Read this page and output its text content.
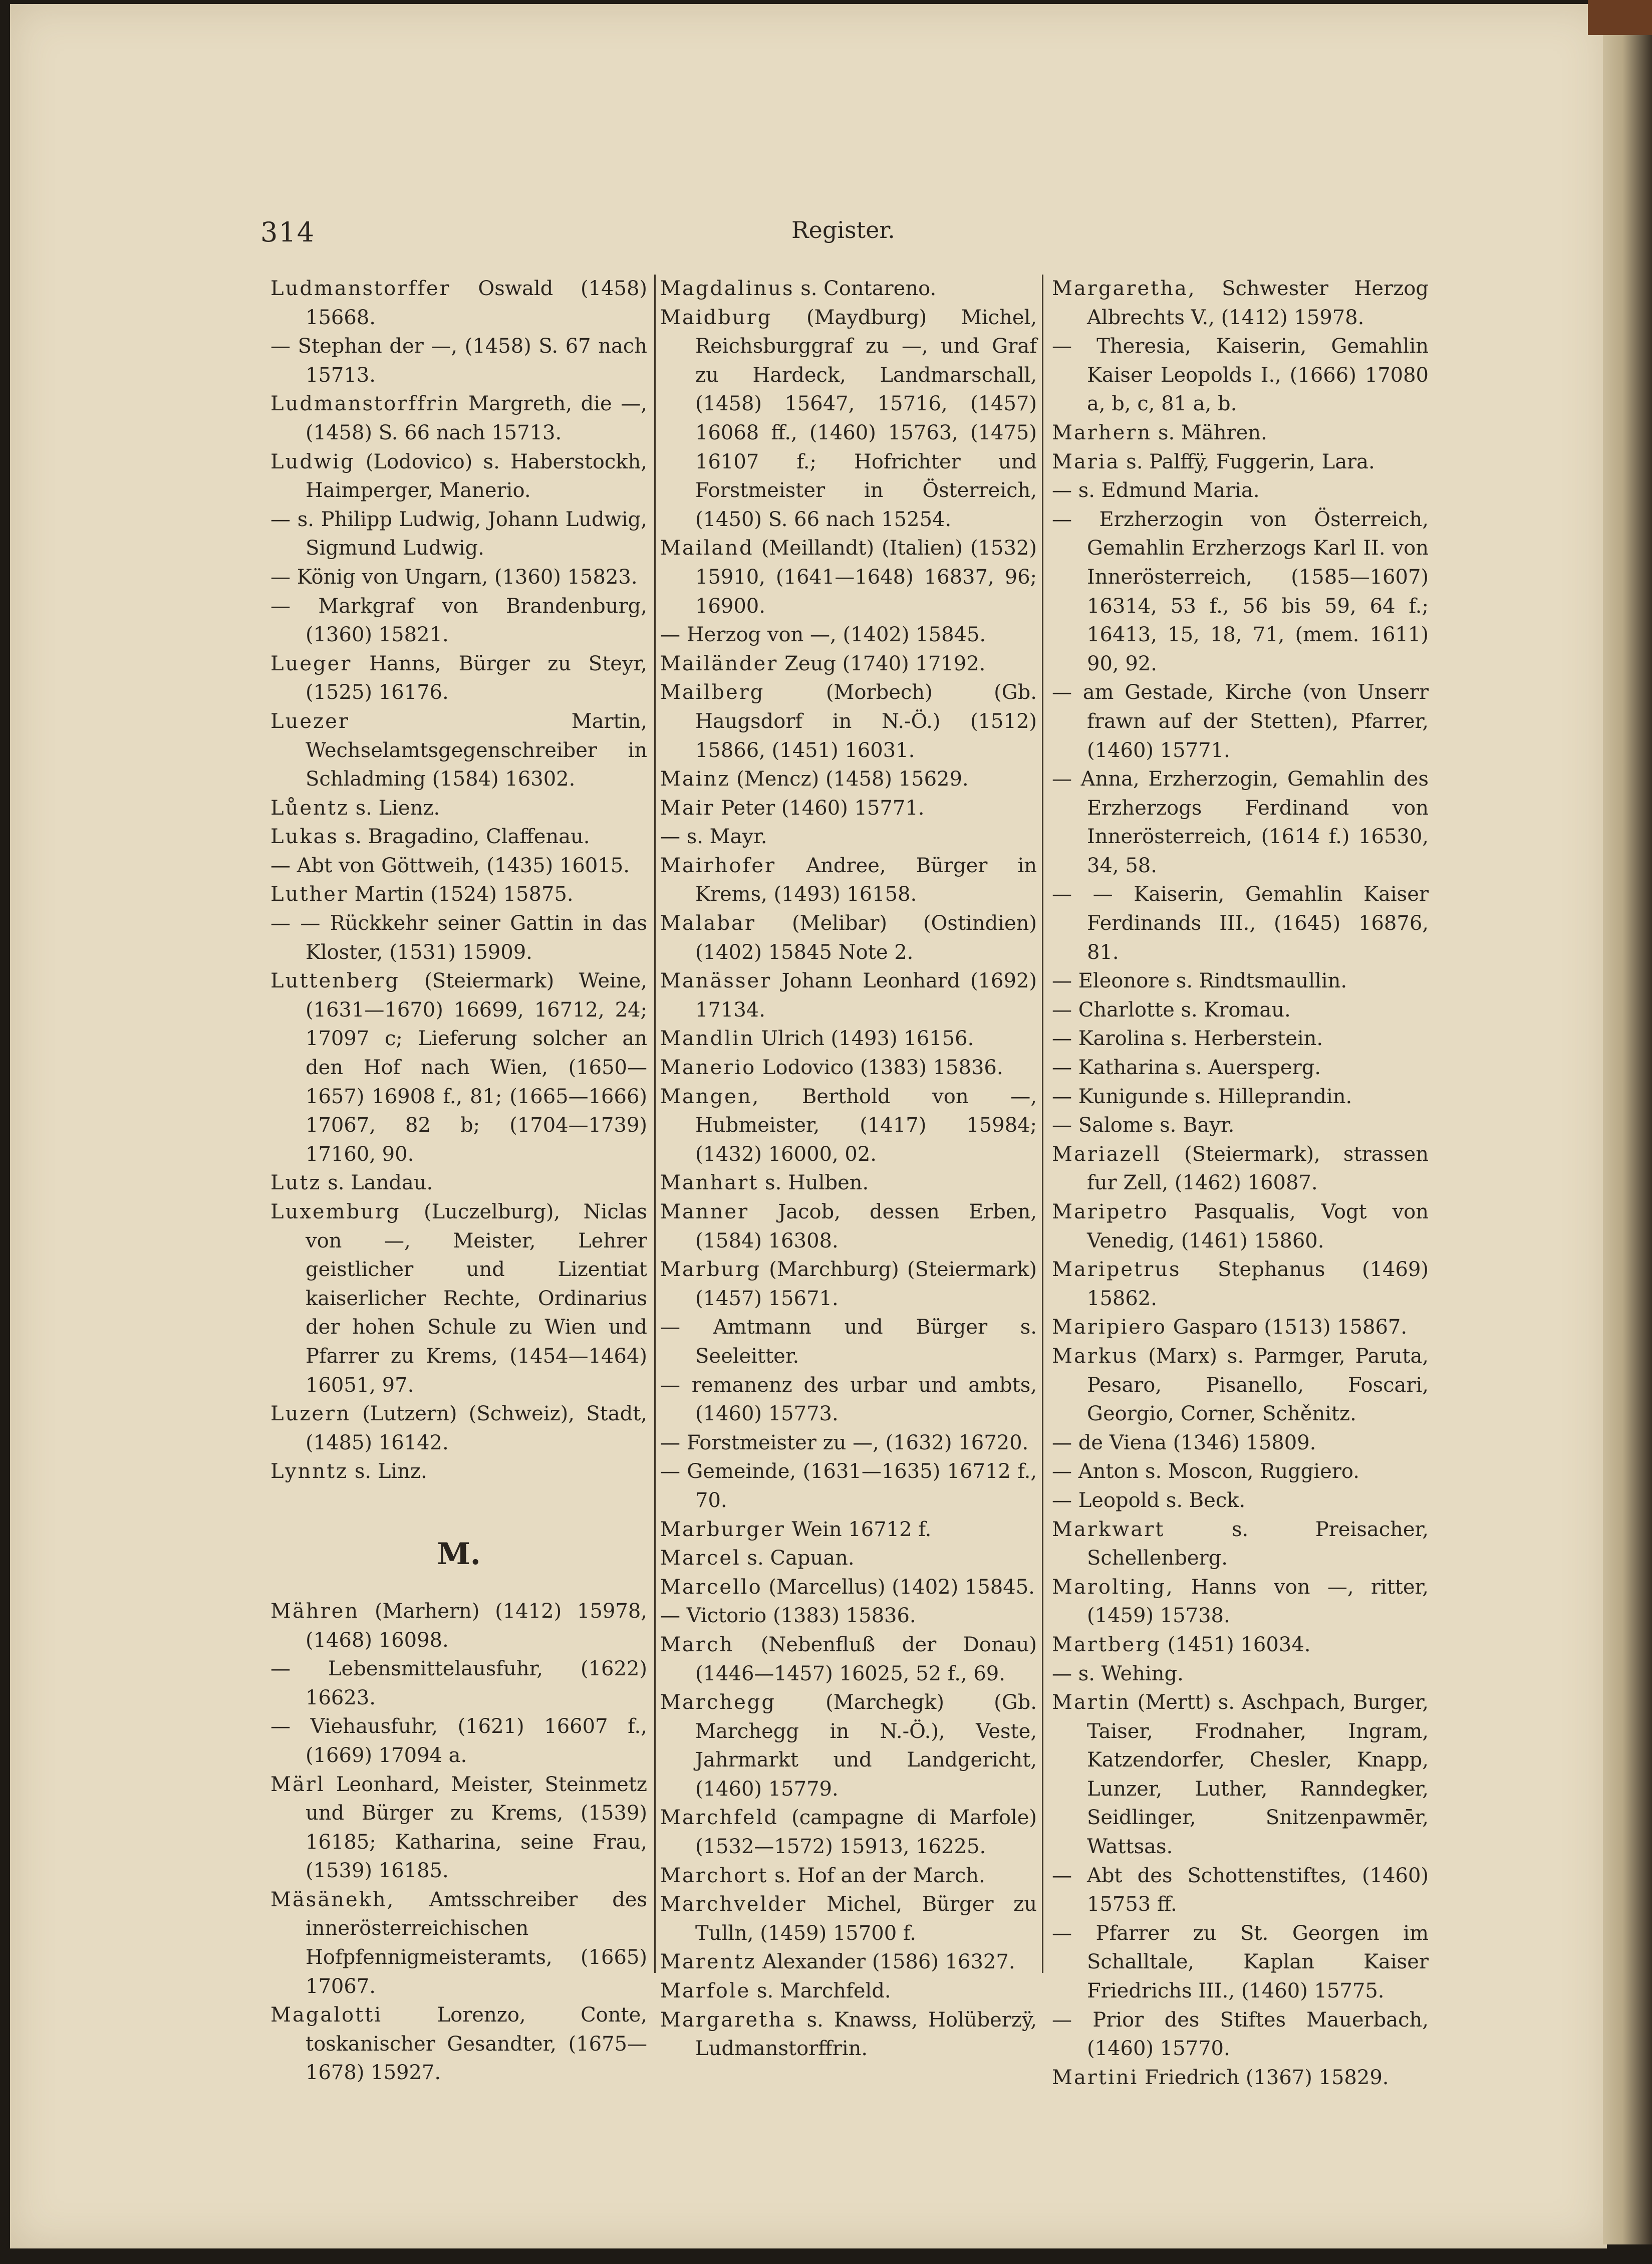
314	Register.
Ludmanstorffer Oswald (1458) 15668.
— Stephan der —, (1458) S. 67 nach 15713.
Ludmanstorffrin Margreth, die —, (1458) S. 66 nach 15713.
Ludwig (Lodovico) s. Haberstockh, Haimperger, Manerio.
— s. Philipp Ludwig, Johann Ludwig, Sigmund Ludwig.
— König von Ungarn, (1360) 15823.
— Markgraf von Brandenburg, (1360) 15821.
Lueger Hanns, Bürger zu Steyr, (1525) 16176.
Luezer Martin, Wechselamtsgegenschreiber in Schladming (1584) 16302.
Lůentz s. Lienz.
Lukas s. Bragadino, Claffenau.
— Abt von Göttweih, (1435) 16015.
Luther Martin (1524) 15875.
— — Rückkehr seiner Gattin in das Kloster, (1531) 15909.
Luttenberg (Steiermark) Weine, (1631—1670) 16699, 16712, 24; 17097 c; Lieferung solcher an den Hof nach Wien, (1650—1657) 16908 f., 81; (1665—1666) 17067, 82 b; (1704—1739) 17160, 90.
Lutz s. Landau.
Luxemburg (Luczelburg), Niclas von —, Meister, Lehrer geistlicher und Lizentiat kaiserlicher Rechte, Ordinarius der hohen Schule zu Wien und Pfarrer zu Krems, (1454—1464) 16051, 97.
Luzern (Lutzern) (Schweiz), Stadt, (1485) 16142.
Lynntz s. Linz.
M.
Mähren (Marhern) (1412) 15978, (1468) 16098.
— Lebensmittelausfuhr, (1622) 16623.
— Viehausfuhr, (1621) 16607 f., (1669) 17094 a.
Märl Leonhard, Meister, Steinmetz und Bürger zu Krems, (1539) 16185; Katharina, seine Frau, (1539) 16185.
Mäsänekh, Amtsschreiber des innerösterreichischen Hofpfennigmeisteramts, (1665) 17067.
Magalotti Lorenzo, Conte, toskanischer Gesandter, (1675—1678) 15927.
Magdalinus s. Contareno.
Maidburg (Maydburg) Michel, Reichsburggraf zu —, und Graf zu Hardeck, Landmarschall, (1458) 15647, 15716, (1457) 16068 ff., (1460) 15763, (1475) 16107 f.; Hofrichter und Forstmeister in Österreich, (1450) S. 66 nach 15254.
Mailand (Meillandt) (Italien) (1532) 15910, (1641—1648) 16837, 96; 16900.
— Herzog von —, (1402) 15845.
Mailänder Zeug (1740) 17192.
Mailberg (Morbech) (Gb. Haugsdorf in N.-Ö.) (1512) 15866, (1451) 16031.
Mainz (Mencz) (1458) 15629.
Mair Peter (1460) 15771.
— s. Mayr.
Mairhofer Andree, Bürger in Krems, (1493) 16158.
Malabar (Melibar) (Ostindien) (1402) 15845 Note 2.
Manässer Johann Leonhard (1692) 17134.
Mandlin Ulrich (1493) 16156.
Manerio Lodovico (1383) 15836.
Mangen, Berthold von —, Hubmeister, (1417) 15984; (1432) 16000, 02.
Manhart s. Hulben.
Manner Jacob, dessen Erben, (1584) 16308.
Marburg (Marchburg) (Steiermark) (1457) 15671.
— Amtmann und Bürger s. Seeleitter.
— remanenz des urbar und ambts, (1460) 15773.
— Forstmeister zu —, (1632) 16720.
— Gemeinde, (1631—1635) 16712 f., 70.
Marburger Wein 16712 f.
Marcel s. Capuan.
Marcello (Marcellus) (1402) 15845.
— Victorio (1383) 15836.
March (Nebenfluß der Donau) (1446—1457) 16025, 52 f., 69.
Marchegg (Marchegk) (Gb. Marchegg in N.-Ö.), Veste, Jahrmarkt und Landgericht, (1460) 15779.
Marchfeld (campagne di Marfole) (1532—1572) 15913, 16225.
Marchort s. Hof an der March.
Marchvelder Michel, Bürger zu Tulln, (1459) 15700 f.
Marentz Alexander (1586) 16327.
Marfole s. Marchfeld.
Margaretha s. Knawss, Holüberzÿ, Ludmanstorffrin.
Margaretha, Schwester Herzog Albrechts V., (1412) 15978.
— Theresia, Kaiserin, Gemahlin Kaiser Leopolds I., (1666) 17080 a, b, c, 81 a, b.
Marhern s. Mähren.
Maria s. Palffÿ, Fuggerin, Lara.
— s. Edmund Maria.
— Erzherzogin von Österreich, Gemahlin Erzherzogs Karl II. von Innerösterreich, (1585—1607) 16314, 53 f., 56 bis 59, 64 f.; 16413, 15, 18, 71, (mem. 1611) 90, 92.
— am Gestade, Kirche (von Unserr frawn auf der Stetten), Pfarrer, (1460) 15771.
— Anna, Erzherzogin, Gemahlin des Erzherzogs Ferdinand von Innerösterreich, (1614 f.) 16530, 34, 58.
— — Kaiserin, Gemahlin Kaiser Ferdinands III., (1645) 16876, 81.
— Eleonore s. Rindtsmaullin.
— Charlotte s. Kromau.
— Karolina s. Herberstein.
— Katharina s. Auersperg.
— Kunigunde s. Hilleprandin.
— Salome s. Bayr.
Mariazell (Steiermark), strassen fur Zell, (1462) 16087.
Maripetro Pasqualis, Vogt von Venedig, (1461) 15860.
Maripetrus Stephanus (1469) 15862.
Maripiero Gasparo (1513) 15867.
Markus (Marx) s. Parmger, Paruta, Pesaro, Pisanello, Foscari, Georgio, Corner, Schěnitz.
— de Viena (1346) 15809.
— Anton s. Moscon, Ruggiero.
— Leopold s. Beck.
Markwart s. Preisacher, Schellenberg.
Marolting, Hanns von —, ritter, (1459) 15738.
Martberg (1451) 16034.
— s. Wehing.
Martin (Mertt) s. Aschpach, Burger, Taiser, Frodnaher, Ingram, Katzendorfer, Chesler, Knapp, Lunzer, Luther, Ranndegker, Seidlinger, Snitzenpawmēr, Wattsas.
— Abt des Schottenstiftes, (1460) 15753 ff.
— Pfarrer zu St. Georgen im Schalltale, Kaplan Kaiser Friedrichs III., (1460) 15775.
— Prior des Stiftes Mauerbach, (1460) 15770.
Martini Friedrich (1367) 15829.
